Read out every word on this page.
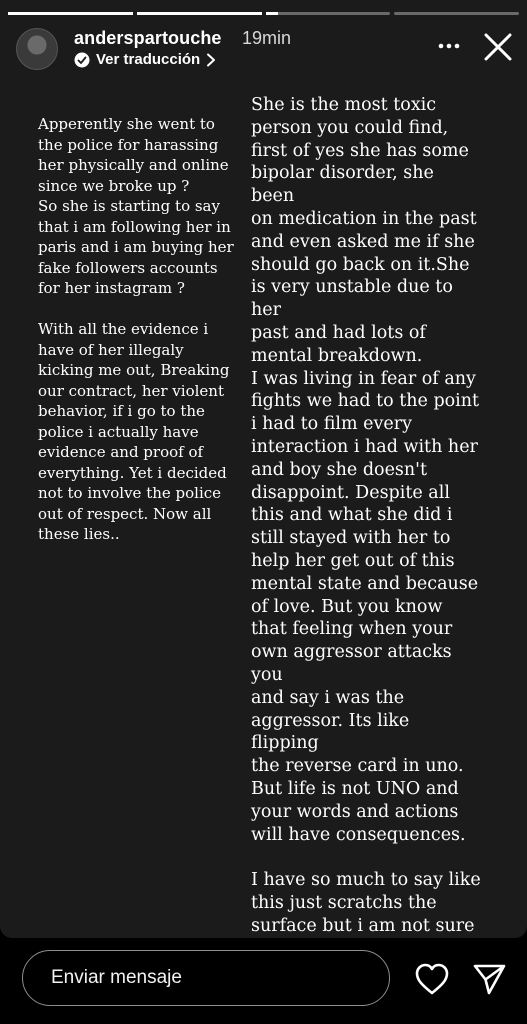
anderspartouche 19min
Ver traducción

Apperently she went to
the police for harassing
her physically and online
since we broke up ?
So she is starting to say
that i am following her in
paris and i am buying her
fake followers accounts
for her instagram ?

With all the evidence i
have of her illegaly
kicking me out, Breaking
our contract, her violent
behavior, if i go to the
police i actually have
evidence and proof of
everything. Yet i decided
not to involve the police
out of respect. Now all
these lies..

She is the most toxic
person you could find,
first of yes she has some
bipolar disorder, she been
on medication in the past
and even asked me if she
should go back on it.She
is very unstable due to her
past and had lots of
mental breakdown.
I was living in fear of any
fights we had to the point
i had to film every
interaction i had with her
and boy she doesn't
disappoint. Despite all
this and what she did i
still stayed with her to
help her get out of this
mental state and because
of love. But you know
that feeling when your
own aggressor attacks you
and say i was the
aggressor. Its like flipping
the reverse card in uno.
But life is not UNO and
your words and actions
will have consequences.

I have so much to say like
this just scratchs the
surface but i am not sure

Enviar mensaje
